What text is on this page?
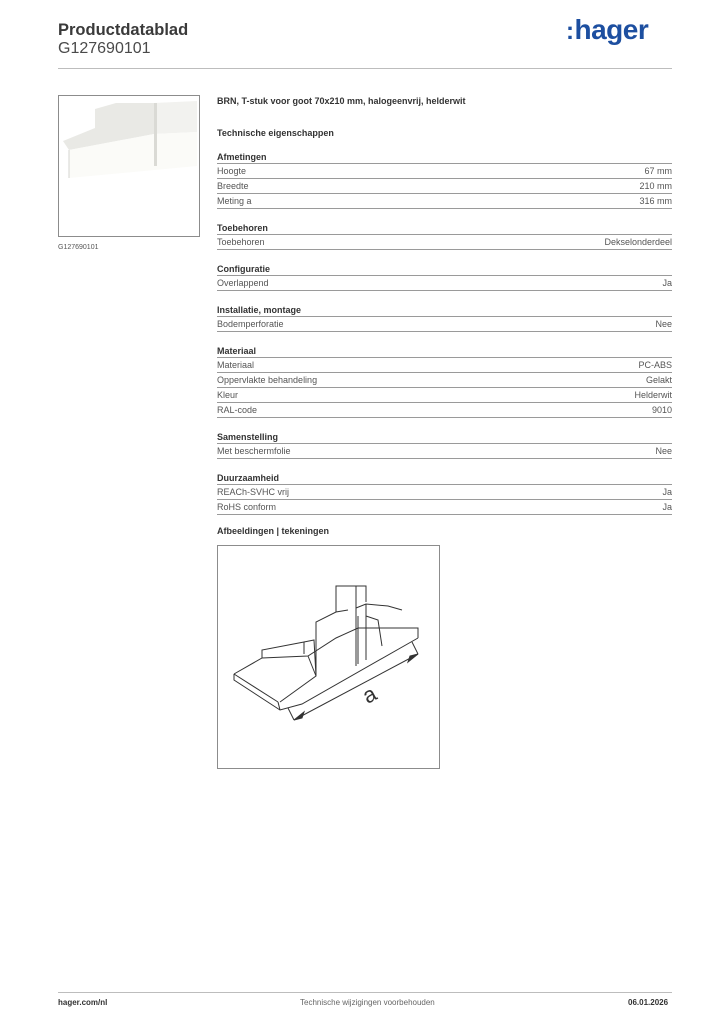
Productdatablad
G127690101
:hager
G127690101
BRN, T-stuk voor goot 70x210 mm, halogeenvrij, helderwit
Technische eigenschappen
Afmetingen
Hoogte	67 mm
Breedte	210 mm
Meting a	316 mm
Toebehoren
Toebehoren	Dekselonderdeel
Configuratie
Overlappend	Ja
Installatie, montage
Bodemperforatie	Nee
Materiaal
Materiaal	PC-ABS
Oppervlakte behandeling	Gelakt
Kleur	Helderwit
RAL-code	9010
Samenstelling
Met beschermfolie	Nee
Duurzaamheid
REACh-SVHC vrij	Ja
RoHS conform	Ja
Afbeeldingen | tekeningen
a
hager.com/nl	Technische wijzigingen voorbehouden	06.01.2026
